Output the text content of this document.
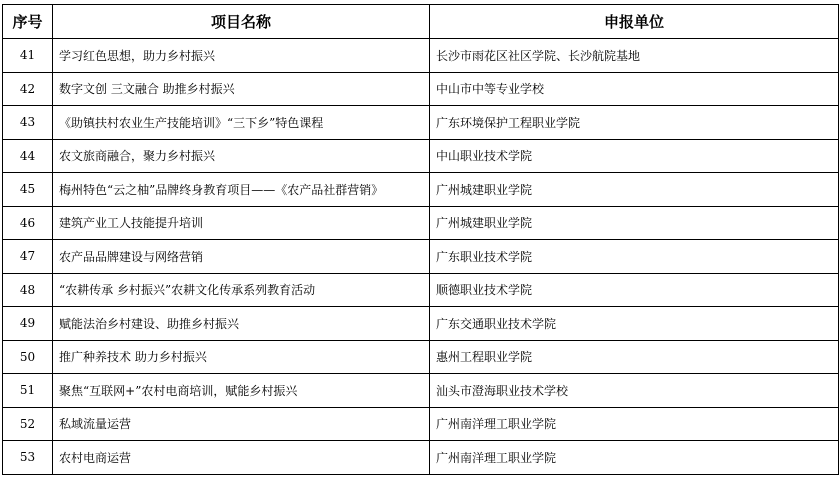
序号	项目名称	申报单位
41	学习红色思想，助力乡村振兴	长沙市雨花区社区学院、长沙航院基地
42	数字文创 三文融合 助推乡村振兴	中山市中等专业学校
43	《助镇扶村农业生产技能培训》“三下乡”特色课程	广东环境保护工程职业学院
44	农文旅商融合，聚力乡村振兴	中山职业技术学院
45	梅州特色“云之柚”品牌终身教育项目——《农产品社群营销》	广州城建职业学院
46	建筑产业工人技能提升培训	广州城建职业学院
47	农产品品牌建设与网络营销	广东职业技术学院
48	“农耕传承 乡村振兴”农耕文化传承系列教育活动	顺德职业技术学院
49	赋能法治乡村建设、助推乡村振兴	广东交通职业技术学院
50	推广种养技术 助力乡村振兴	惠州工程职业学院
51	聚焦“互联网+”农村电商培训，赋能乡村振兴	汕头市澄海职业技术学校
52	私域流量运营	广州南洋理工职业学院
53	农村电商运营	广州南洋理工职业学院
